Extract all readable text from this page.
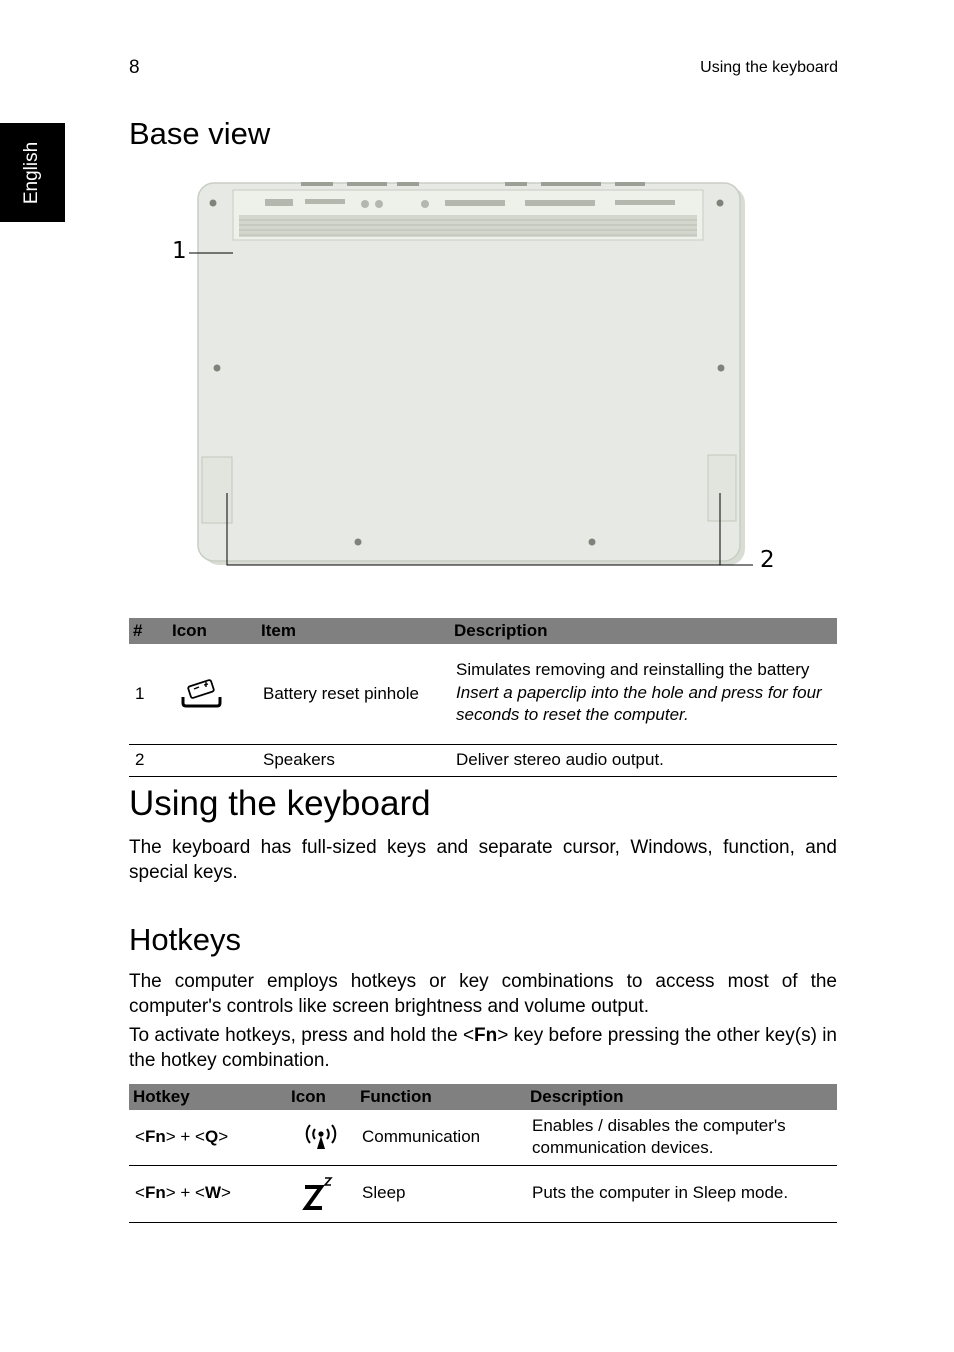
8	Using the keyboard
English
Base view
1
2
#	Icon	Item	Description
1		Battery reset pinhole	Simulates removing and reinstalling the battery
Insert a paperclip into the hole and press for four seconds to reset the computer.

2		Speakers	Deliver stereo audio output.
Using the keyboard

The keyboard has full-sized keys and separate cursor, Windows, function, and special keys.

Hotkeys

The computer employs hotkeys or key combinations to access most of the computer's controls like screen brightness and volume output.

To activate hotkeys, press and hold the <Fn> key before pressing the other key(s) in the hotkey combination.

Hotkey	Icon	Function	Description
<Fn> + <Q>		Communication	Enables / disables the computer's communication devices.
<Fn> + <W>		Sleep	Puts the computer in Sleep mode.
